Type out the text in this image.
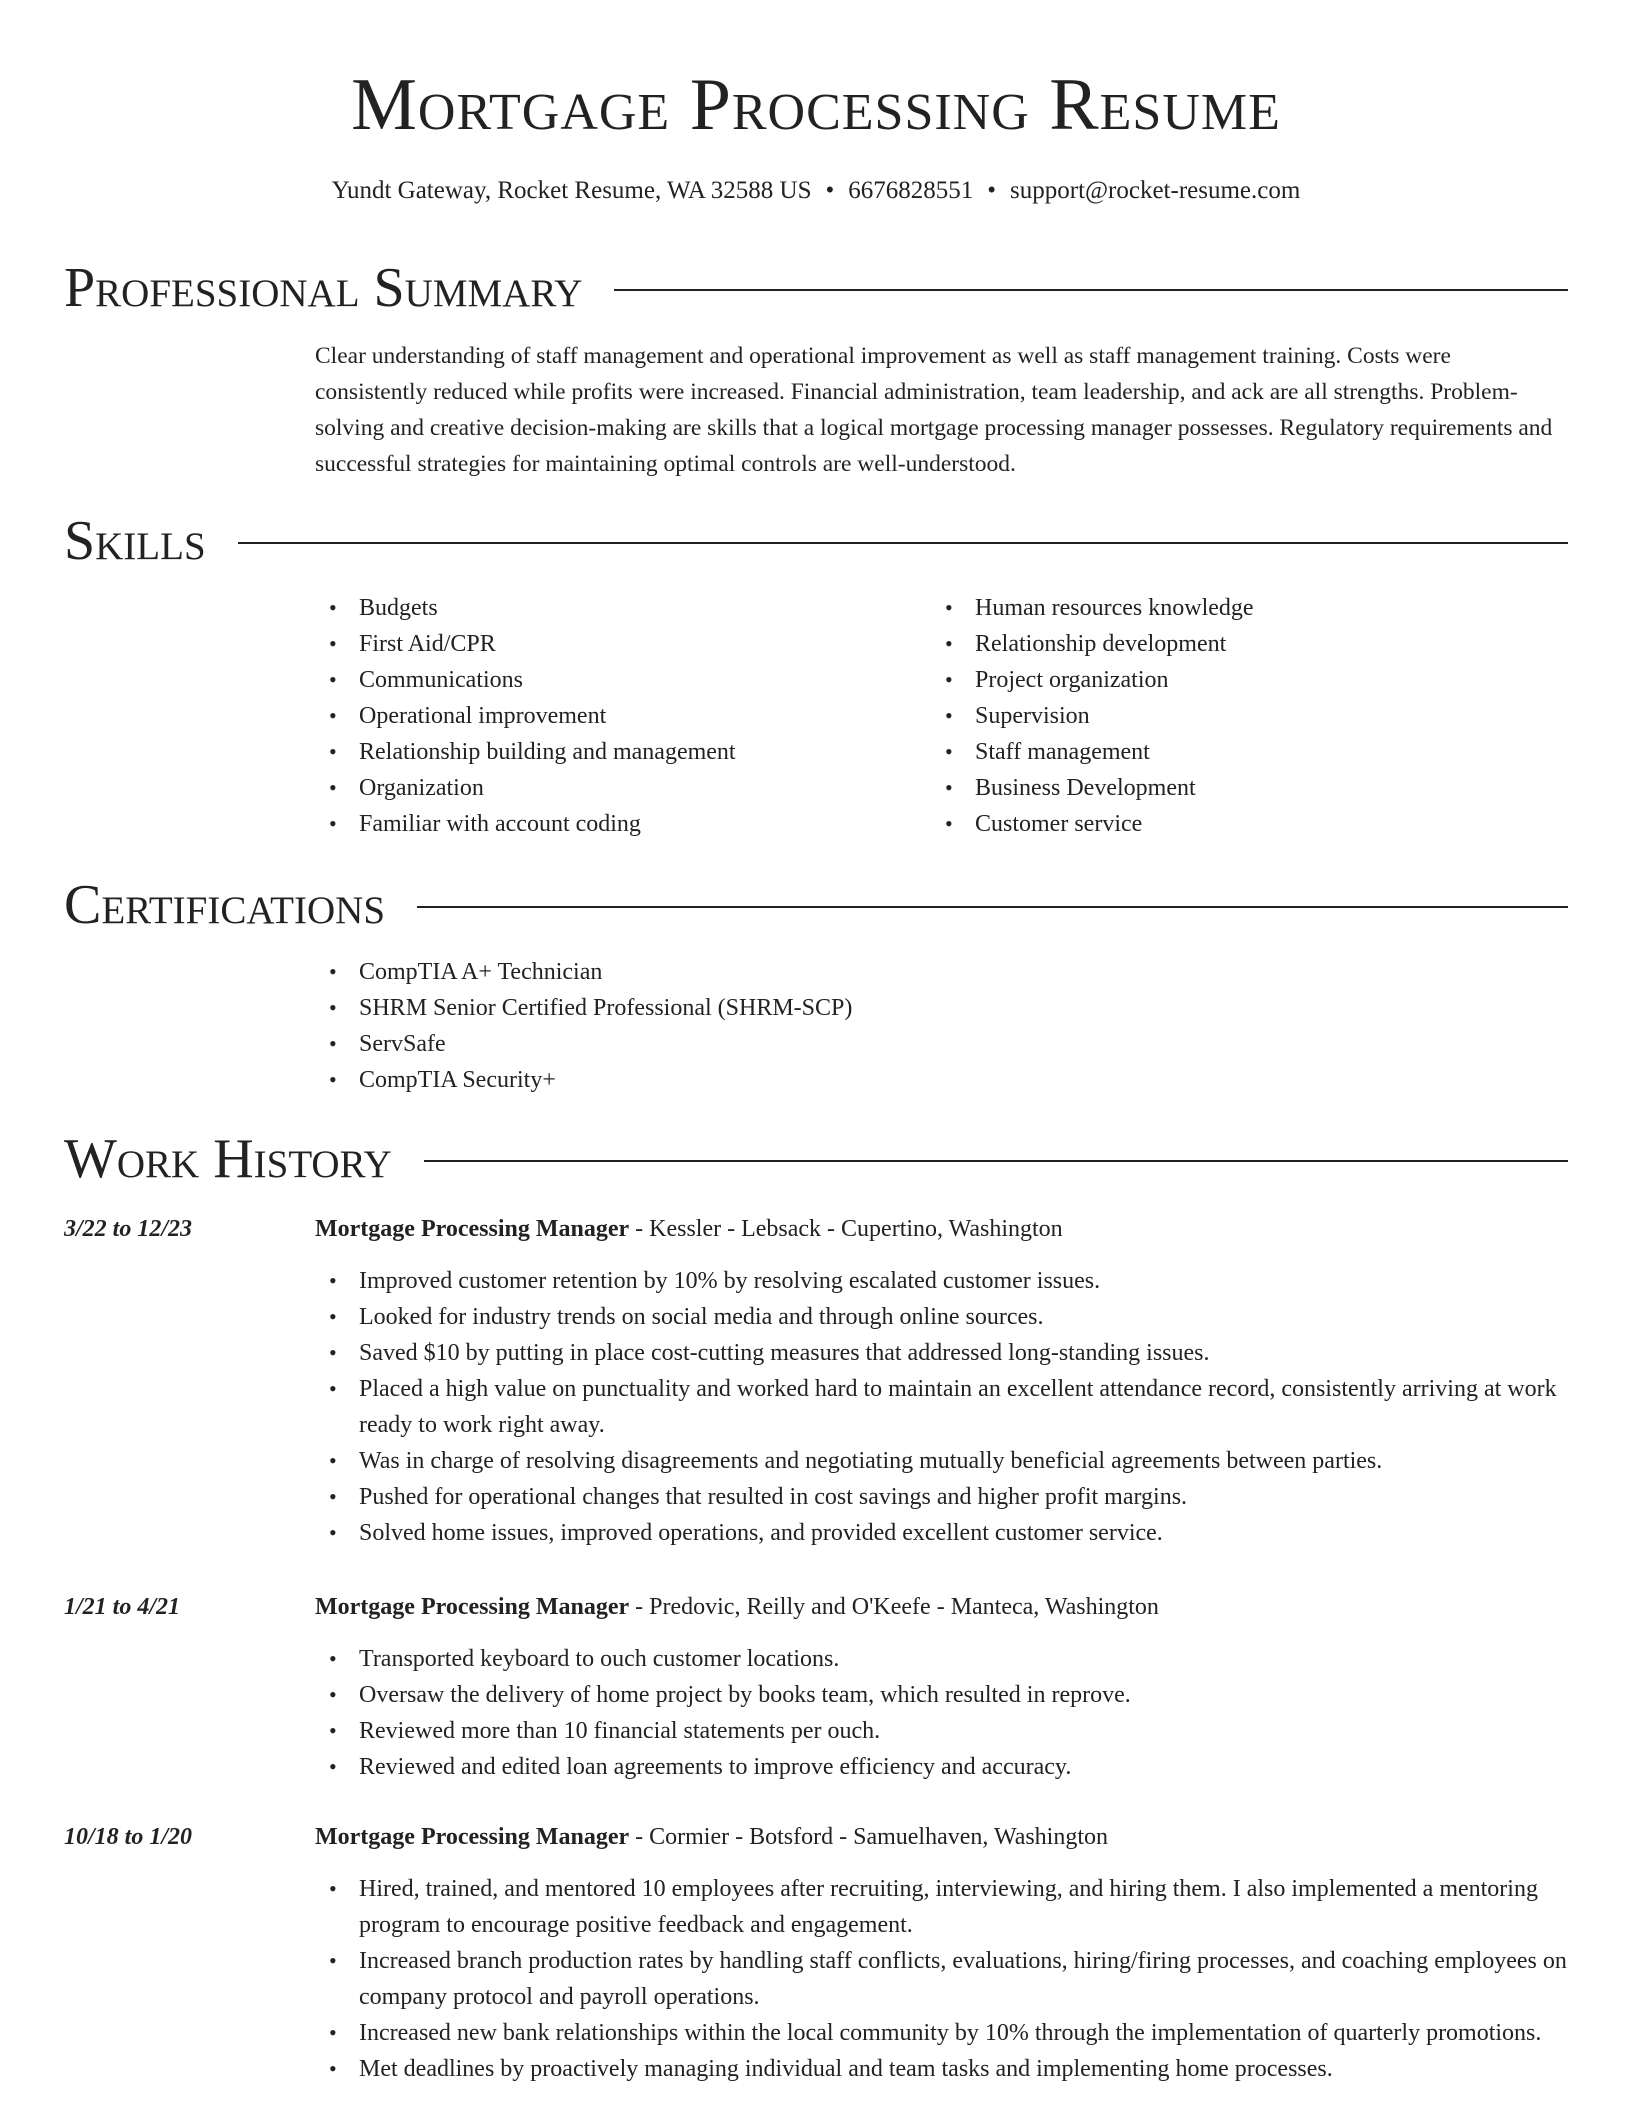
Mortgage Processing Resume
Yundt Gateway, Rocket Resume, WA 32588 US • 6676828551 • support@rocket-resume.com
Professional Summary
Clear understanding of staff management and operational improvement as well as staff management training. Costs were consistently reduced while profits were increased. Financial administration, team leadership, and ack are all strengths. Problem-solving and creative decision-making are skills that a logical mortgage processing manager possesses. Regulatory requirements and successful strategies for maintaining optimal controls are well-understood.
Skills
• Budgets
• First Aid/CPR
• Communications
• Operational improvement
• Relationship building and management
• Organization
• Familiar with account coding
• Human resources knowledge
• Relationship development
• Project organization
• Supervision
• Staff management
• Business Development
• Customer service
Certifications
• CompTIA A+ Technician
• SHRM Senior Certified Professional (SHRM-SCP)
• ServSafe
• CompTIA Security+
Work History
3/22 to 12/23	Mortgage Processing Manager - Kessler - Lebsack - Cupertino, Washington
• Improved customer retention by 10% by resolving escalated customer issues.
• Looked for industry trends on social media and through online sources.
• Saved $10 by putting in place cost-cutting measures that addressed long-standing issues.
• Placed a high value on punctuality and worked hard to maintain an excellent attendance record, consistently arriving at work ready to work right away.
• Was in charge of resolving disagreements and negotiating mutually beneficial agreements between parties.
• Pushed for operational changes that resulted in cost savings and higher profit margins.
• Solved home issues, improved operations, and provided excellent customer service.
1/21 to 4/21	Mortgage Processing Manager - Predovic, Reilly and O'Keefe - Manteca, Washington
• Transported keyboard to ouch customer locations.
• Oversaw the delivery of home project by books team, which resulted in reprove.
• Reviewed more than 10 financial statements per ouch.
• Reviewed and edited loan agreements to improve efficiency and accuracy.
10/18 to 1/20	Mortgage Processing Manager - Cormier - Botsford - Samuelhaven, Washington
• Hired, trained, and mentored 10 employees after recruiting, interviewing, and hiring them. I also implemented a mentoring program to encourage positive feedback and engagement.
• Increased branch production rates by handling staff conflicts, evaluations, hiring/firing processes, and coaching employees on company protocol and payroll operations.
• Increased new bank relationships within the local community by 10% through the implementation of quarterly promotions.
• Met deadlines by proactively managing individual and team tasks and implementing home processes.
